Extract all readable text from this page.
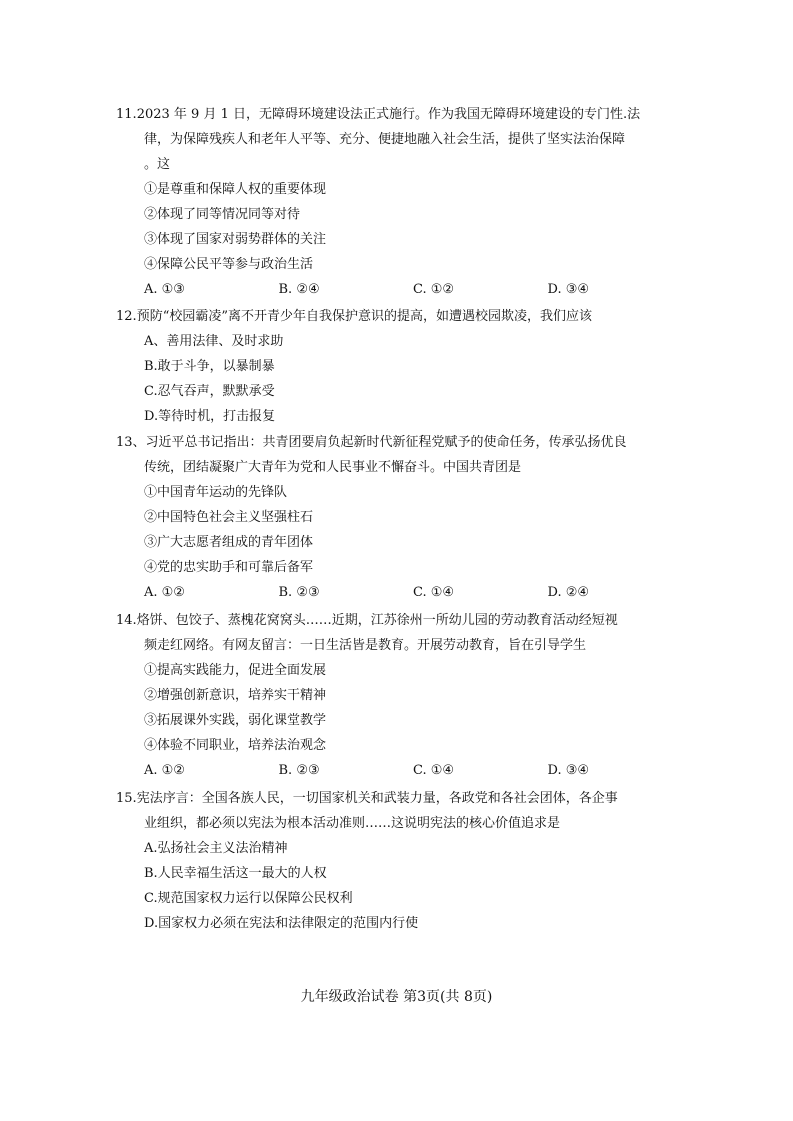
11.2023 年 9 月 1 日，无障碍环境建设法正式施行。作为我国无障碍环境建设的专门性.法
律，为保障残疾人和老年人平等、充分、便捷地融入社会生活，提供了坚实法治保障
。这
①是尊重和保障人权的重要体现
②体现了同等情况同等对待
③体现了国家对弱势群体的关注
④保障公民平等参与政治生活
A. ①③	B. ②④	C. ①②	D. ③④
12.预防“校园霸凌”离不开青少年自我保护意识的提高，如遭遇校园欺凌，我们应该
A、善用法律、及时求助
B.敢于斗争，以暴制暴
C.忍气吞声，默默承受
D.等待时机，打击报复
13、习近平总书记指出：共青团要肩负起新时代新征程党赋予的使命任务，传承弘扬优良
传统，团结凝聚广大青年为党和人民事业不懈奋斗。中国共青团是
①中国青年运动的先锋队
②中国特色社会主义坚强柱石
③广大志愿者组成的青年团体
④党的忠实助手和可靠后备军
A. ①②	B. ②③	C. ①④	D. ②④
14.烙饼、包饺子、蒸槐花窝窝头……近期，江苏徐州一所幼儿园的劳动教育活动经短视
频走红网络。有网友留言：一日生活皆是教育。开展劳动教育，旨在引导学生
①提高实践能力，促进全面发展
②增强创新意识，培养实干精神
③拓展课外实践，弱化课堂教学
④体验不同职业，培养法治观念
A. ①②	B. ②③	C. ①④	D. ③④
15.宪法序言：全国各族人民，一切国家机关和武装力量，各政党和各社会团体，各企事
业组织，都必须以宪法为根本活动准则……这说明宪法的核心价值追求是
A.弘扬社会主义法治精神
B.人民幸福生活这一最大的人权
C.规范国家权力运行以保障公民权利
D.国家权力必须在宪法和法律限定的范围内行使
九年级政治试卷 第3页(共 8页)
